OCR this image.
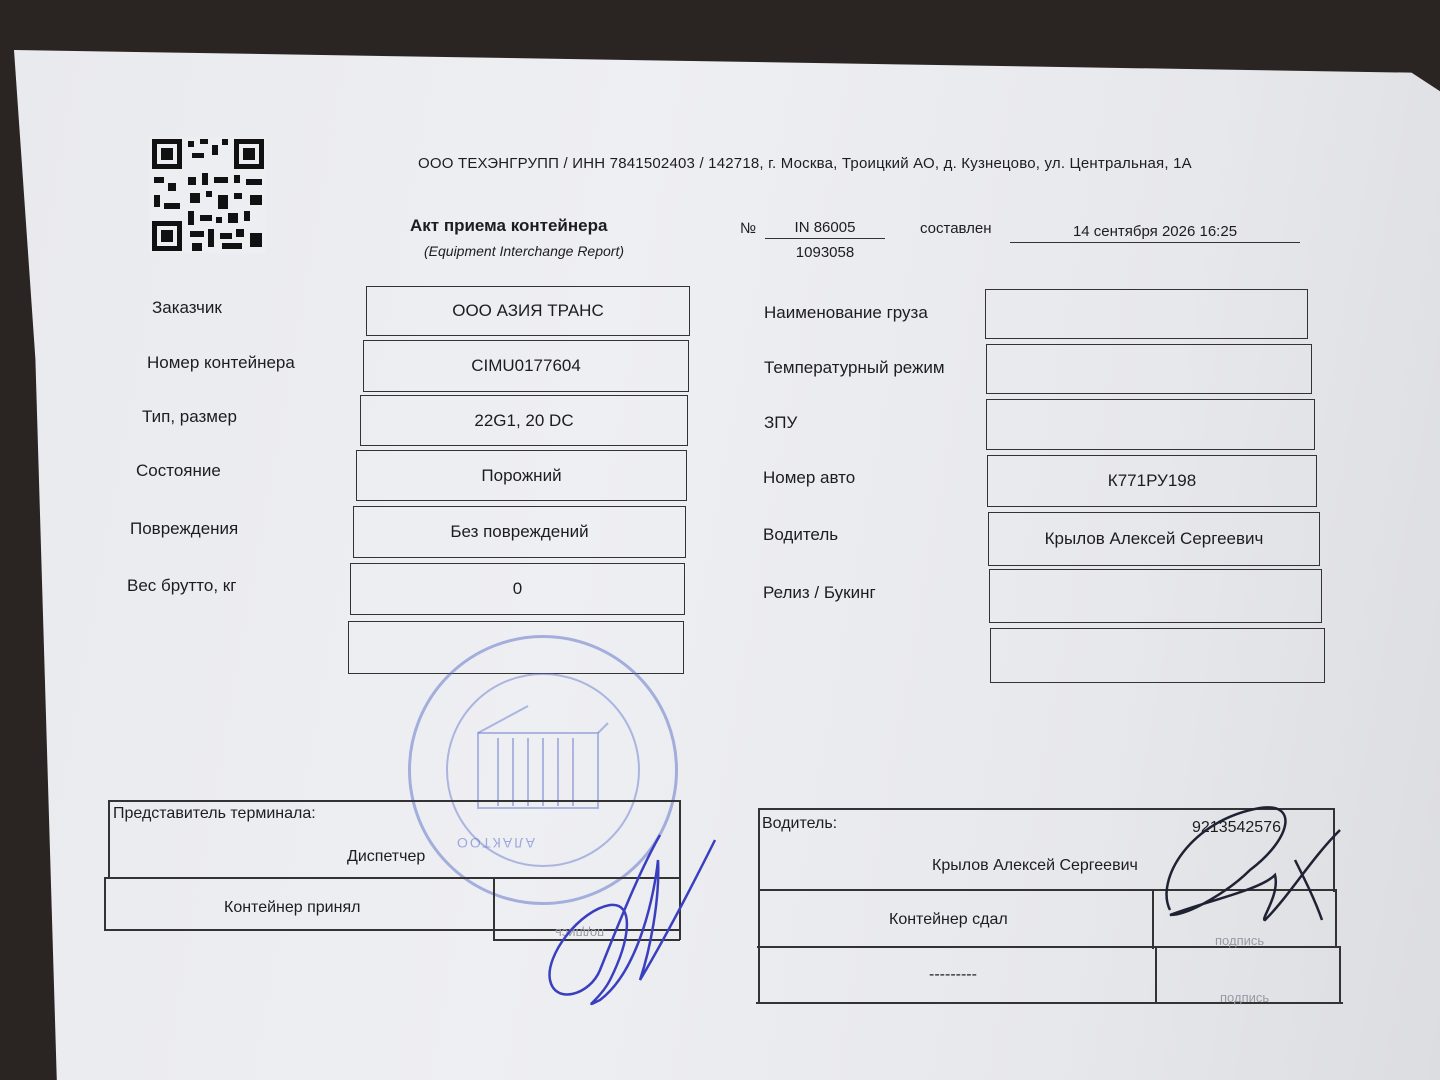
ООО ТЕХЭНГРУПП / ИНН 7841502403 / 142718, г. Москва, Троицкий АО, д. Кузнецово, ул. Центральная, 1А
Акт приема контейнера
(Equipment Interchange Report)
№	IN 86005
1093058
составлен	14 сентября 2026 16:25
Заказчик	ООО АЗИЯ ТРАНС
Номер контейнера	CIMU0177604
Тип, размер	22G1, 20 DC
Состояние	Порожний
Повреждения	Без повреждений
Вес брутто, кг	0
Наименование груза
Температурный режим
ЗПУ
Номер авто	К771РУ198
Водитель	Крылов Алексей Сергеевич
Релиз / Букинг
АЛАКТОО
Представитель терминала:
Диспетчер
Контейнер принял
подпись
Водитель:	9213542576
Крылов Алексей Сергеевич
Контейнер сдал
---------
подпись
подпись
